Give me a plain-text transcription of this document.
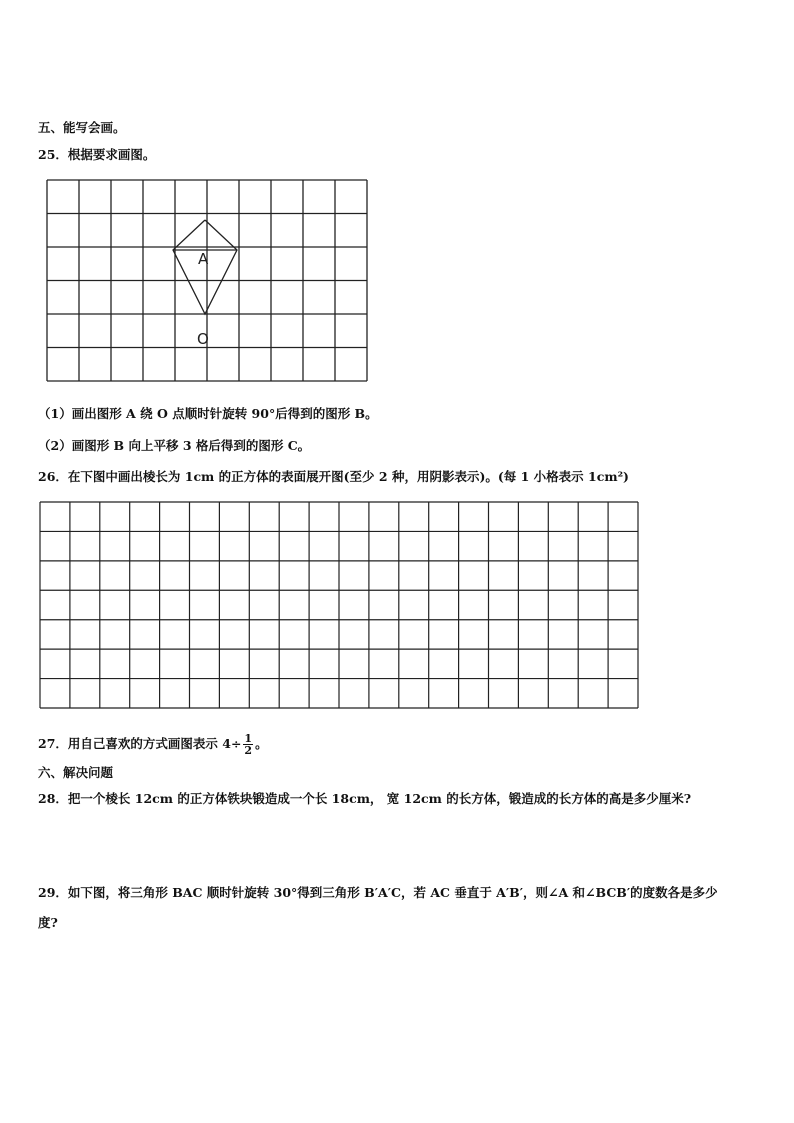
五、能写会画。
25．根据要求画图。
A
O
（1）画出图形 A 绕 O 点顺时针旋转 90°后得到的图形 B。
（2）画图形 B 向上平移 3 格后得到的图形 C。
26．在下图中画出棱长为 1cm 的正方体的表面展开图(至少 2 种，用阴影表示)。(每 1 小格表示 1cm²)
27．用自己喜欢的方式画图表示 $4\div \frac{1}{2}$ 。
六、解决问题
28．把一个棱长 12cm 的正方体铁块锻造成一个长 18cm， 宽 12cm 的长方体，锻造成的长方体的高是多少厘米?
29．如下图，将三角形 BAC 顺时针旋转 30°得到三角形 B′A′C，若 AC 垂直于 A′B′，则∠A 和∠BCB′的度数各是多少
度?
